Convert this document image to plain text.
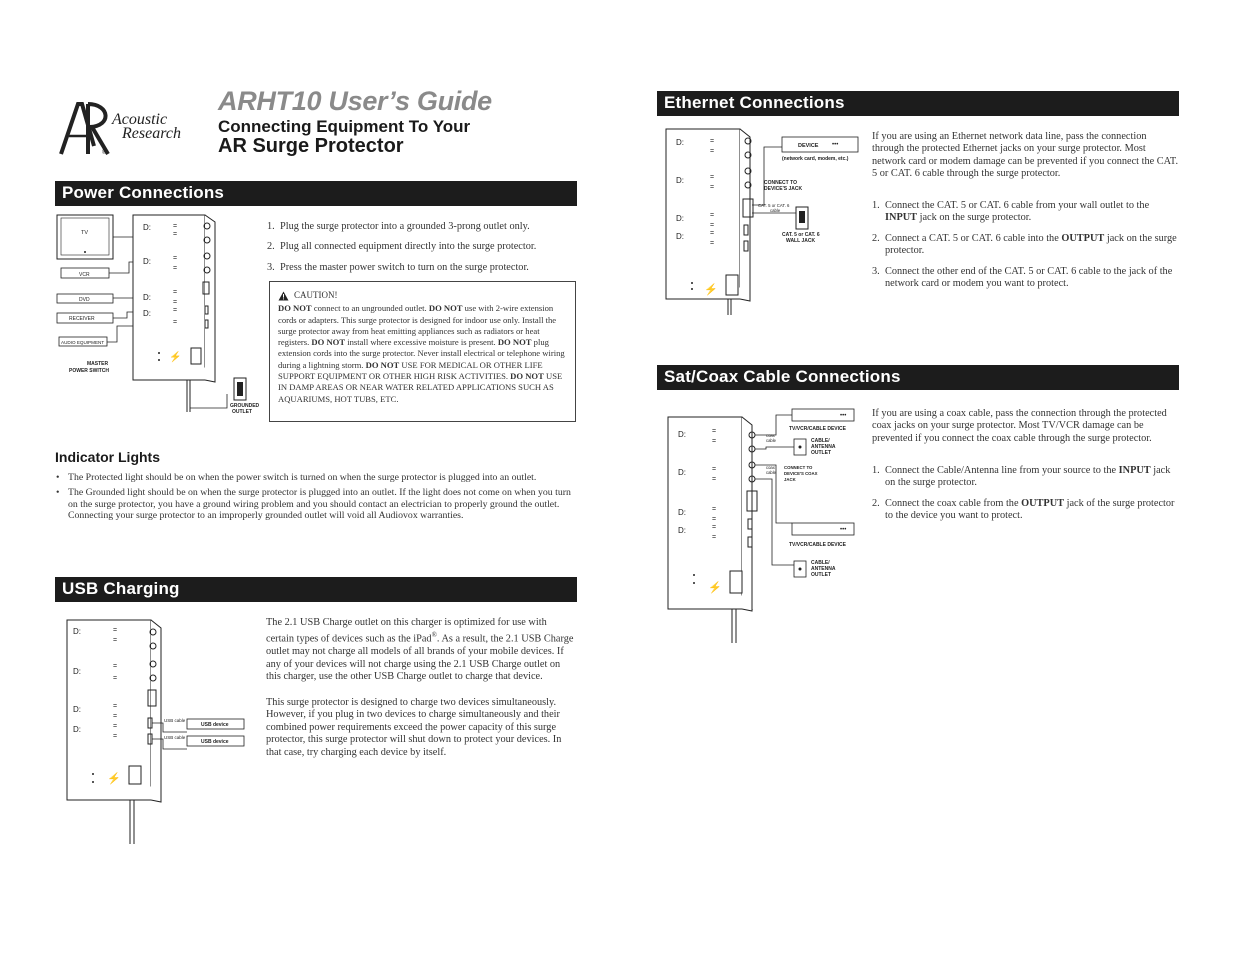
®
Acoustic
Research
ARHT10 User’s Guide
Connecting Equipment To Your
AR Surge Protector
Power Connections
TV
VCR
DVD
RECEIVER
AUDIO EQUIPMENT
D:	=
=
D:	=
=
D:
=
=
D:	=
=
⚡
GROUNDED
OUTLET
MASTER
POWER SWITCH
1. Plug the surge protector into a grounded 3-prong outlet only.
2. Plug all connected equipment directly into the surge protector.
3. Press the master power switch to turn on the surge protector.
CAUTION!
DO NOT connect to an ungrounded outlet. DO NOT use with 2-wire extension cords or adapters. This surge protector is designed for indoor use only. Install the surge protector away from heat emitting appliances such as radiators or heat registers. DO NOT install where excessive moisture is present. DO NOT plug extension cords into the surge protector. Never install electrical or telephone wiring during a lightning storm. DO NOT USE FOR MEDICAL OR OTHER LIFE SUPPORT EQUIPMENT OR OTHER HIGH RISK ACTIVITIES. DO NOT USE IN DAMP AREAS OR NEAR WATER RELATED APPLICATIONS SUCH AS AQUARIUMS, HOT TUBS, ETC.
Indicator Lights
• The Protected light should be on when the power switch is turned on when the surge protector is plugged into an outlet.
• The Grounded light should be on when the surge protector is plugged into an outlet. If the light does not come on when you turn on the surge protector, you have a ground wiring problem and you should contact an electrician to properly ground the outlet. Connecting your surge protector to an improperly grounded outlet will void all Audiovox warranties.
USB Charging
D:	=
=
D:
=
=
D:	=
=
D:	=
=
⚡
USB cable
USB cable
USB device
USB device
The 2.1 USB Charge outlet on this charger is optimized for use with certain types of devices such as the iPad®. As a result, the 2.1 USB Charge outlet may not charge all models of all brands of your mobile devices. If any of your devices will not charge using the 2.1 USB Charge outlet on this charger, use the other USB Charge outlet to charge that device.
This surge protector is designed to charge two devices simultaneously. However, if you plug in two devices to charge simultaneously and their combined power requirements exceed the power capacity of this surge protector, this surge protector will shut down to protect your devices. In that case, try charging each device by itself.
Ethernet Connections
D:	=
=
D:	=
=
D:	=
=
D:	=
=
⚡
DEVICE •••
(network card, modem, etc.)
CONNECT TO
DEVICE'S JACK
CAT. 5 or CAT. 6
cable
CAT. 5 or CAT. 6
WALL JACK
If you are using an Ethernet network data line, pass the connection through the protected Ethernet jacks on your surge protector. Most network card or modem damage can be prevented if you connect the CAT. 5 or CAT. 6 cable through the surge protector.
1. Connect the CAT. 5 or CAT. 6 cable from your wall outlet to the INPUT jack on the surge protector.
2. Connect a CAT. 5 or CAT. 6 cable into the OUTPUT jack on the surge protector.
3. Connect the other end of the CAT. 5 or CAT. 6 cable to the jack of the network card or modem you want to protect.
Sat/Coax Cable Connections
D:	=
=
D:	=
=
D:	=
=
D:	=
=
⚡
•••
TV/VCR/CABLE DEVICE
coax
cable	CABLE/
ANTENNA
OUTLET
coax
cable
CONNECT TO
DEVICE'S COAX
JACK
•••
TV/VCR/CABLE DEVICE
CABLE/
ANTENNA
OUTLET
If you are using a coax cable, pass the connection through the protected coax jacks on your surge protector. Most TV/VCR damage can be prevented if you connect the coax cable through the surge protector.
1. Connect the Cable/Antenna line from your source to the INPUT jack on the surge protector.
2. Connect the coax cable from the OUTPUT jack of the surge protector to the device you want to protect.
